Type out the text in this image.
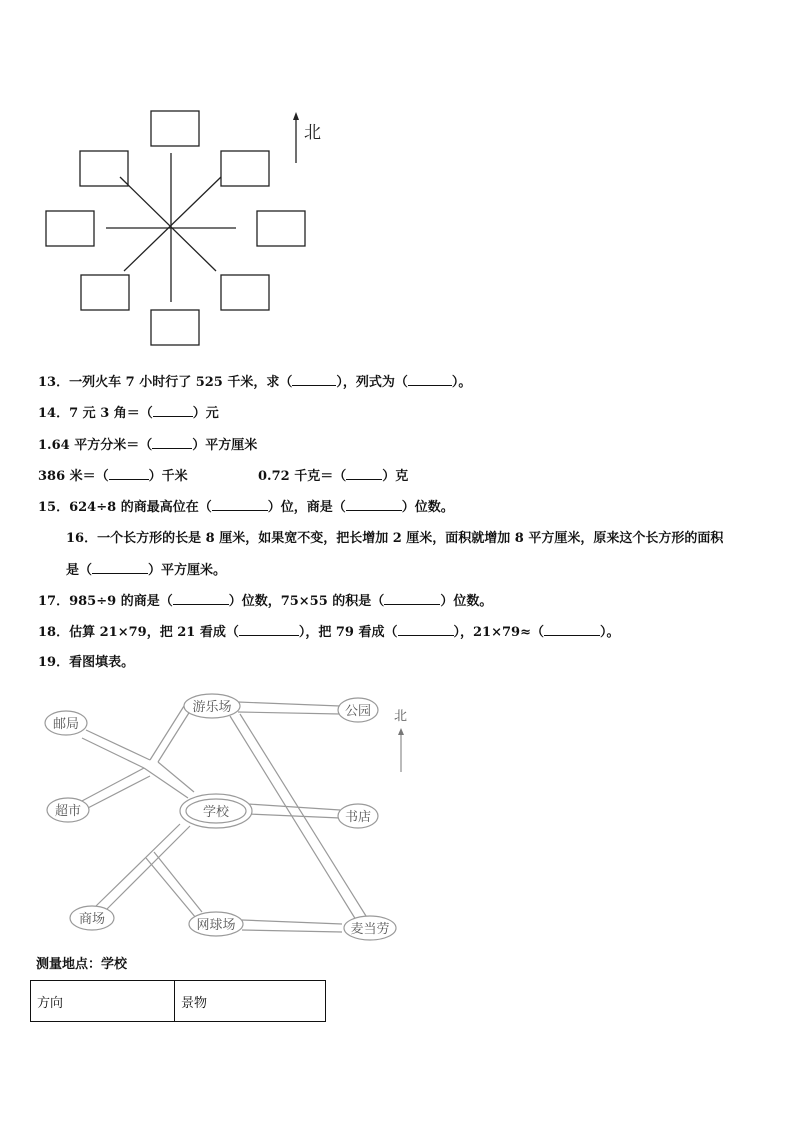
北
13．一列火车 7 小时行了 525 千米，求（	），列式为（	）。
14．7 元 3 角＝（	）元
1.64 平方分米＝（	）平方厘米
386 米＝（	）千米	0.72 千克＝（	）克
15．624÷8 的商最高位在（	）位，商是（	）位数。
16．一个长方形的长是 8 厘米，如果宽不变，把长增加 2 厘米，面积就增加 8 平方厘米，原来这个长方形的面积
是（	）平方厘米。
17．985÷9 的商是（	）位数，75×55 的积是（	）位数。
18．估算 21×79，把 21 看成（	），把 79 看成（	），21×79≈（	）。
19．看图填表。
邮局
游乐场	公园
超市	学校	书店
商场	网球场	麦当劳
北
测量地点：学校
方向	景物
